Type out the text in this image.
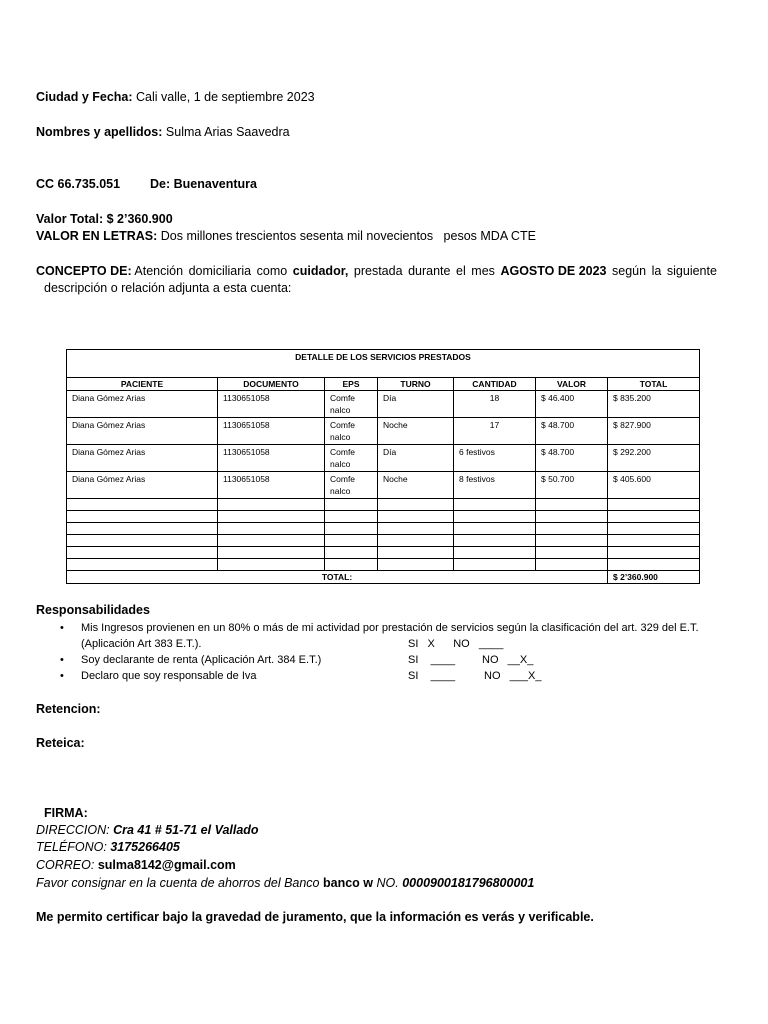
Ciudad y Fecha: Cali valle, 1 de septiembre 2023
Nombres y apellidos: Sulma Arias Saavedra
CC 66.735.051 De: Buenaventura
Valor Total: $ 2’360.900
VALOR EN LETRAS: Dos millones trescientos sesenta mil novecientos   pesos MDA CTE
CONCEPTO DE: Atención domiciliaria como cuidador, prestada durante el mes AGOSTO DE 2023 según la siguiente
descripción o relación adjunta a esta cuenta:
DETALLE DE LOS SERVICIOS PRESTADOS						
PACIENTE	DOCUMENTO	EPS	TURNO	CANTIDAD	VALOR	TOTAL
Diana Gómez Arias	1130651058	Comfe nalco	Día	18	$ 46.400	$ 835.200
Diana Gómez Arias	1130651058	Comfe nalco	Noche	17	$ 48.700	$ 827.900
Diana Gómez Arias	1130651058	Comfe nalco	Día	6 festivos	$ 48.700	$ 292.200
Diana Gómez Arias	1130651058	Comfe nalco	Noche	8 festivos	$ 50.700	$ 405.600

TOTAL:						$ 2’360.900
Responsabilidades
• Mis Ingresos provienen en un 80% o más de mi actividad por prestación de servicios según la clasificación del art. 329 del E.T.
(Aplicación Art 383 E.T.).	SI   X      NO   ____
• Soy declarante de renta (Aplicación Art. 384 E.T.)	SI    ____ NO   __X_
• Declaro que soy responsable de Iva	SI    ____	NO   ___X_
Retencion:
Reteica:
FIRMA:
DIRECCION: Cra 41 # 51-71 el Vallado
TELÉFONO: 3175266405
CORREO: sulma8142@gmail.com
Favor consignar en la cuenta de ahorros del Banco banco w NO. 0000900181796800001
Me permito certificar bajo la gravedad de juramento, que la información es verás y verificable.
